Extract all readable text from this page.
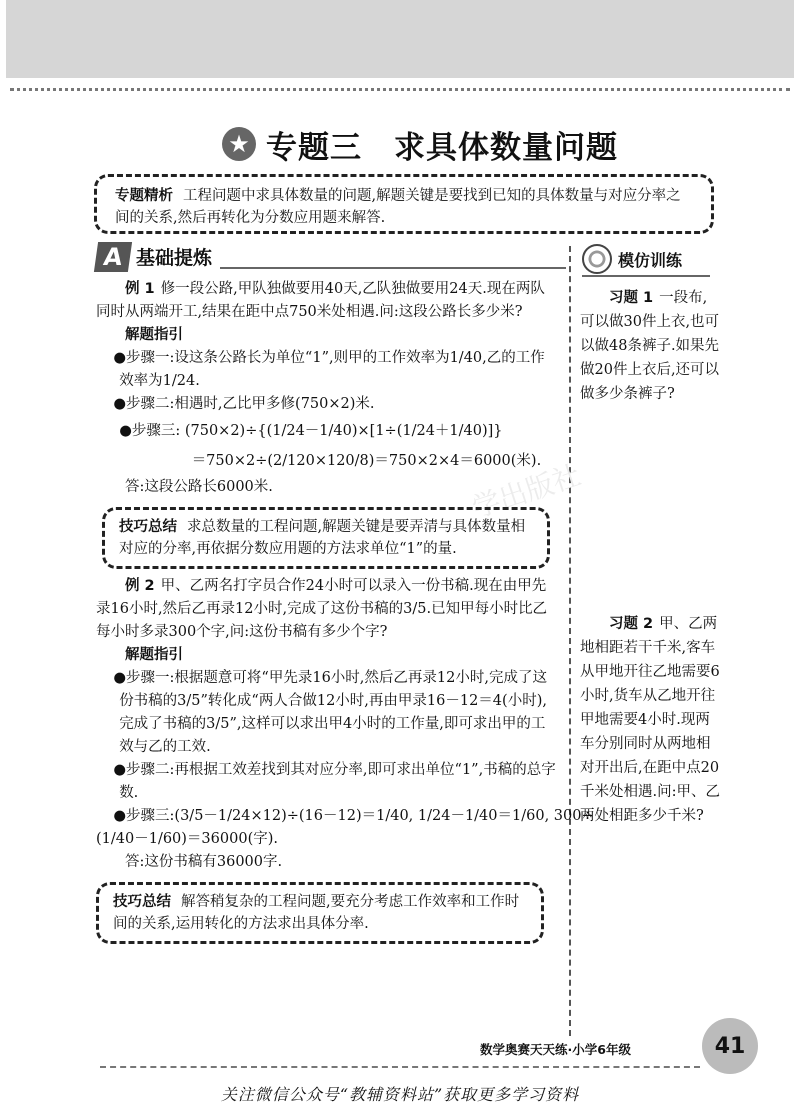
★ 专题三　求具体数量问题
专题精析 工程问题中求具体数量的问题,解题关键是要找到已知的具体数量与对应分率之间的关系,然后再转化为分数应用题来解答.
A 基础提炼
学出版社
例 1 修一段公路,甲队独做要用40天,乙队独做要用24天.现在两队同时从两端开工,结果在距中点750米处相遇.问:这段公路长多少米?
解题指引
●步骤一:设这条公路长为单位“1”,则甲的工作效率为1/40,乙的工作效率为1/24.
●步骤二:相遇时,乙比甲多修(750×2)米.
●步骤三: (750×2)÷{(1/24－1/40)×[1÷(1/24＋1/40)]}
＝750×2÷(2/120×120/8)＝750×2×4＝6000(米).
答:这段公路长6000米.
技巧总结 求总数量的工程问题,解题关键是要弄清与具体数量相对应的分率,再依据分数应用题的方法求单位“1”的量.
例 2 甲、乙两名打字员合作24小时可以录入一份书稿.现在由甲先录16小时,然后乙再录12小时,完成了这份书稿的3/5.已知甲每小时比乙每小时多录300个字,问:这份书稿有多少个字?
解题指引
●步骤一:根据题意可将“甲先录16小时,然后乙再录12小时,完成了这份书稿的3/5”转化成“两人合做12小时,再由甲录16－12＝4(小时),完成了书稿的3/5”,这样可以求出甲4小时的工作量,即可求出甲的工效与乙的工效.
●步骤二:再根据工效差找到其对应分率,即可求出单位“1”,书稿的总字数.
●步骤三:(3/5－1/24×12)÷(16－12)＝1/40, 1/24－1/40＝1/60, 300÷
(1/40－1/60)＝36000(字).
答:这份书稿有36000字.
技巧总结 解答稍复杂的工程问题,要充分考虑工作效率和工作时间的关系,运用转化的方法求出具体分率.
模仿训练
习题 1 一段布,可以做30件上衣,也可以做48条裤子.如果先做20件上衣后,还可以做多少条裤子?
习题 2 甲、乙两地相距若干千米,客车从甲地开往乙地需要6小时,货车从乙地开往甲地需要4小时.现两车分别同时从两地相对开出后,在距中点20千米处相遇.问:甲、乙两处相距多少千米?
数学奥赛天天练·小学6年级	41
关注微信公众号“教辅资料站”获取更多学习资料
